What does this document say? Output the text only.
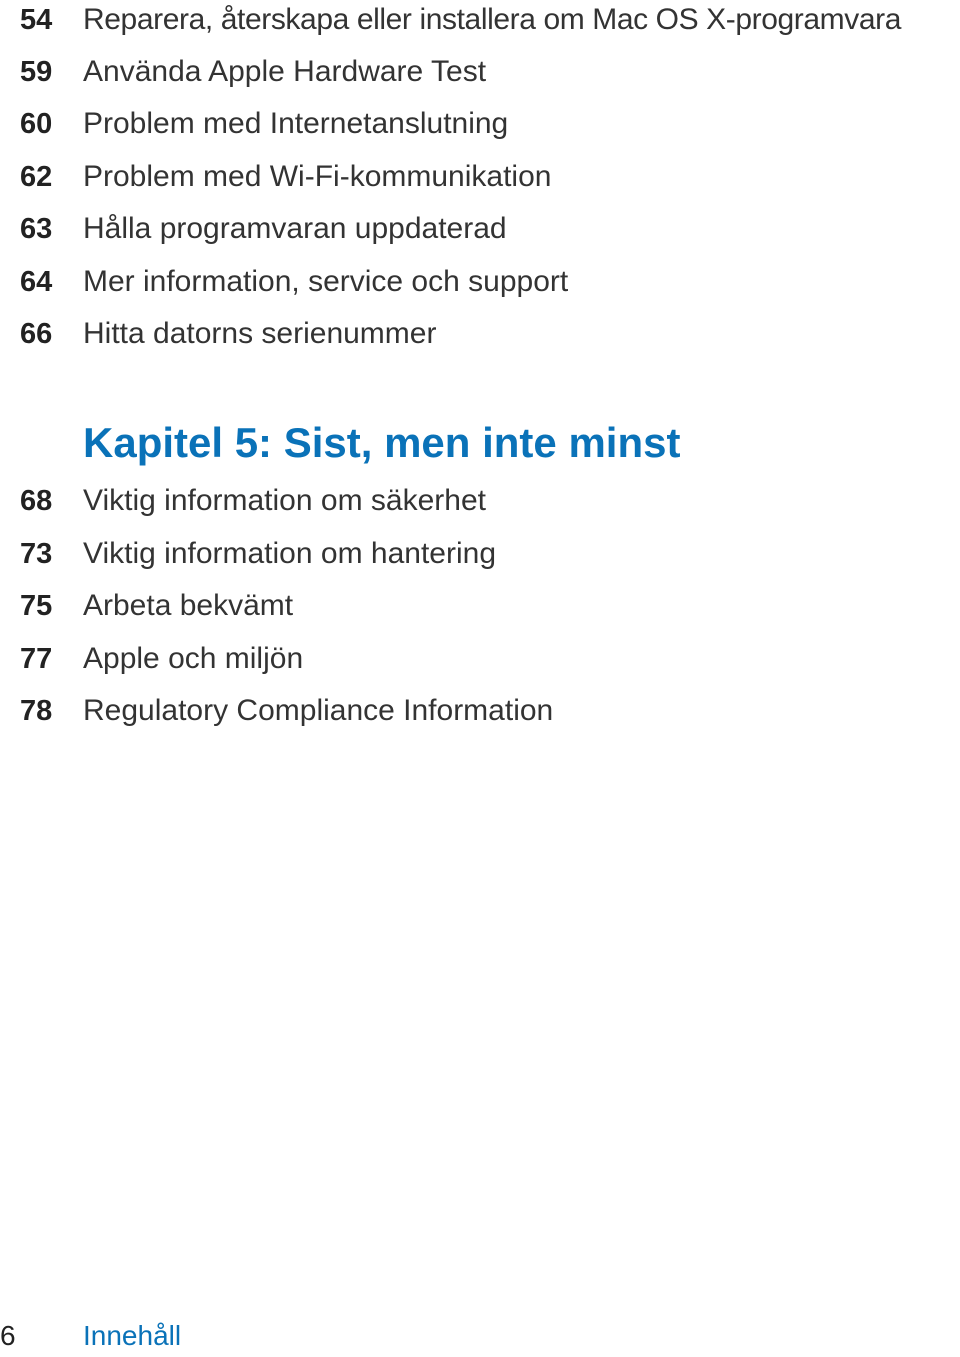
54	Reparera, återskapa eller installera om Mac OS X-programvara
59	Använda Apple Hardware Test
60	Problem med Internetanslutning
62	Problem med Wi-Fi-kommunikation
63	Hålla programvaran uppdaterad
64	Mer information, service och support
66	Hitta datorns serienummer
Kapitel 5: Sist, men inte minst
68	Viktig information om säkerhet
73	Viktig information om hantering
75	Arbeta bekvämt
77	Apple och miljön
78	Regulatory Compliance Information
6 Innehåll
